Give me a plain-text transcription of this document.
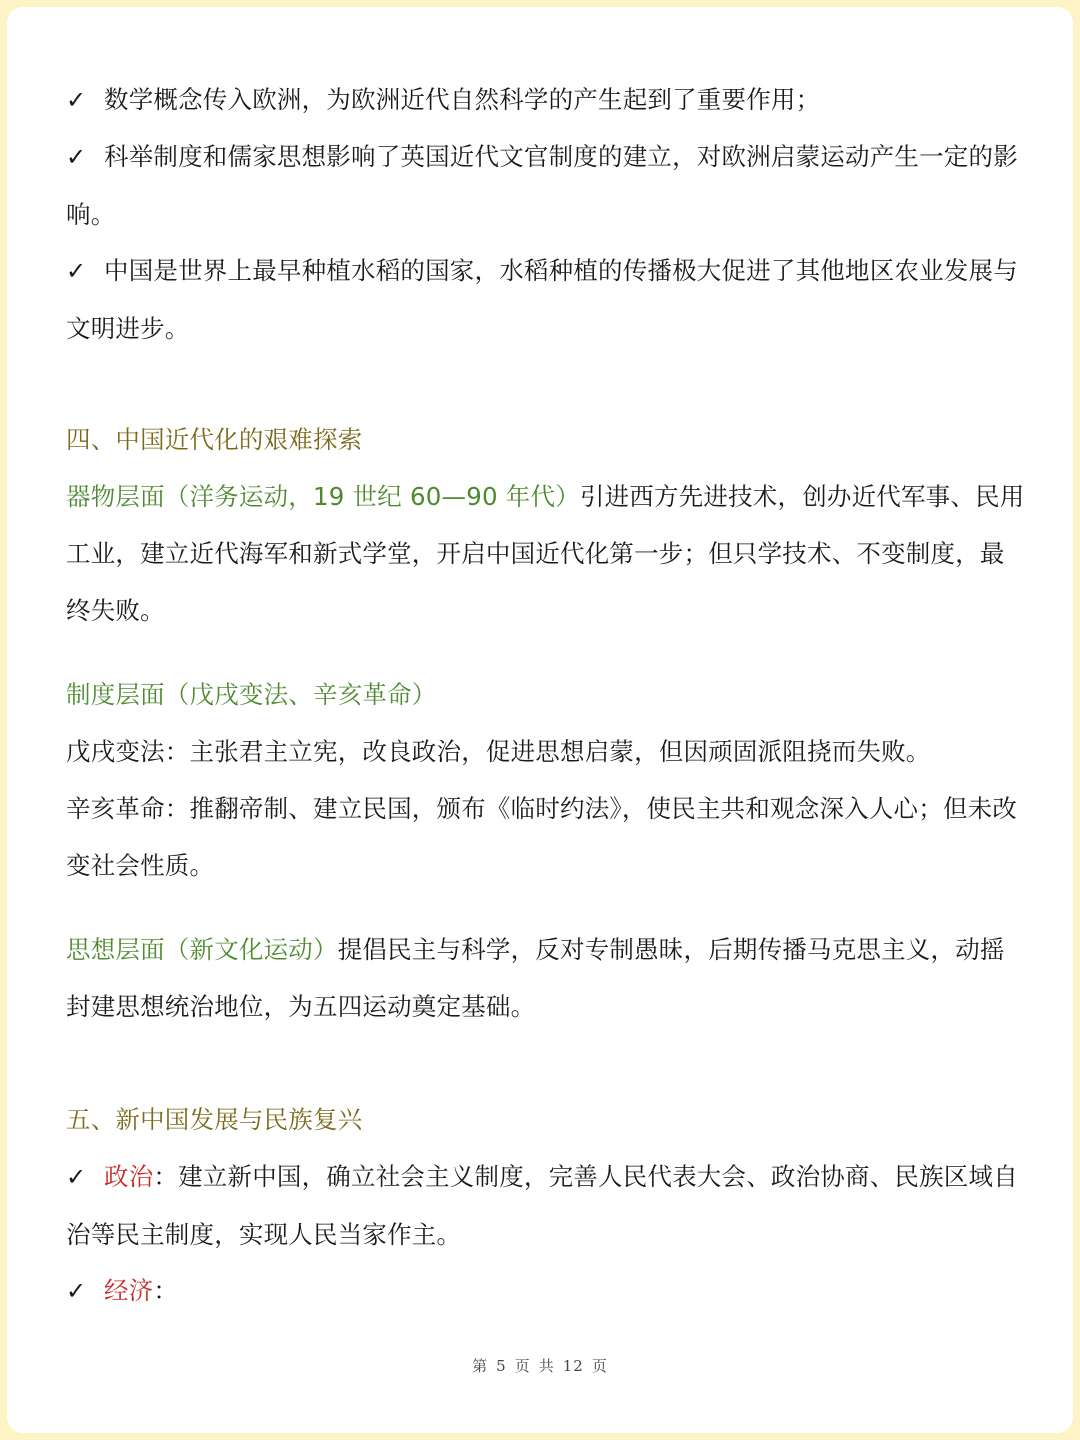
✓ 数学概念传入欧洲，为欧洲近代自然科学的产生起到了重要作用；

✓ 科举制度和儒家思想影响了英国近代文官制度的建立，对欧洲启蒙运动产生一定的影响。

✓ 中国是世界上最早种植水稻的国家，水稻种植的传播极大促进了其他地区农业发展与文明进步。

四、中国近代化的艰难探索

器物层面（洋务运动，19 世纪 60—90 年代）引进西方先进技术，创办近代军事、民用工业，建立近代海军和新式学堂，开启中国近代化第一步；但只学技术、不变制度，最终失败。

制度层面（戊戌变法、辛亥革命）

戊戌变法：主张君主立宪，改良政治，促进思想启蒙，但因顽固派阻挠而失败。

辛亥革命：推翻帝制、建立民国，颁布《临时约法》，使民主共和观念深入人心；但未改变社会性质。

思想层面（新文化运动）提倡民主与科学，反对专制愚昧，后期传播马克思主义，动摇封建思想统治地位，为五四运动奠定基础。

五、新中国发展与民族复兴

✓ 政治：建立新中国，确立社会主义制度，完善人民代表大会、政治协商、民族区域自治等民主制度，实现人民当家作主。

✓ 经济：

第 5 页 共 12 页
